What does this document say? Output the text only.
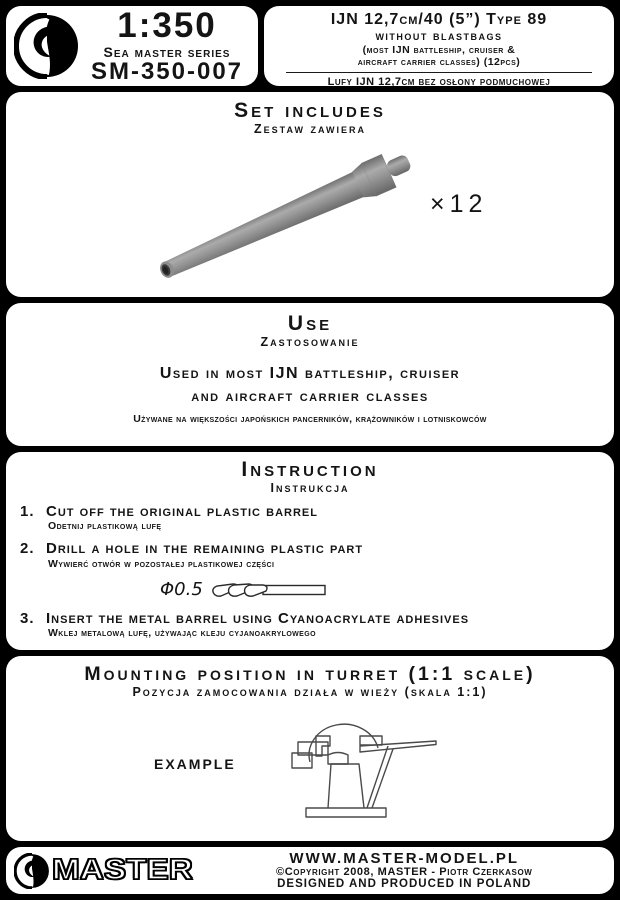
1:350
Sea master series
SM-350-007
IJN 12,7cm/40 (5”) Type 89
without blastbags
(most IJN battleship, cruiser &
aircraft carrier classes) (12pcs)
Lufy IJN 12,7cm bez osłony podmuchowej
Set includes
Zestaw zawiera
×12
Use
Zastosowanie
Used in most IJN battleship, cruiser
and aircraft carrier classes
Używane na większości japońskich pancerników, krążowników i lotniskowców
Instruction
Instrukcja
1. Cut off the original plastic barrel
Odetnij plastikową lufę
2. Drill a hole in the remaining plastic part
Wywierć otwór w pozostałej plastikowej części
Φ0.5
3. Insert the metal barrel using Cyanoacrylate adhesives
Wklej metalową lufę, używając kleju cyjanoakrylowego
Mounting position in turret (1:1 scale)
Pozycja zamocowania działa w wieży (skala 1:1)
EXAMPLE
MASTER	WWW.MASTER-MODEL.PL
©Copyright 2008, MASTER - Piotr Czerkasow
DESIGNED AND PRODUCED IN POLAND
